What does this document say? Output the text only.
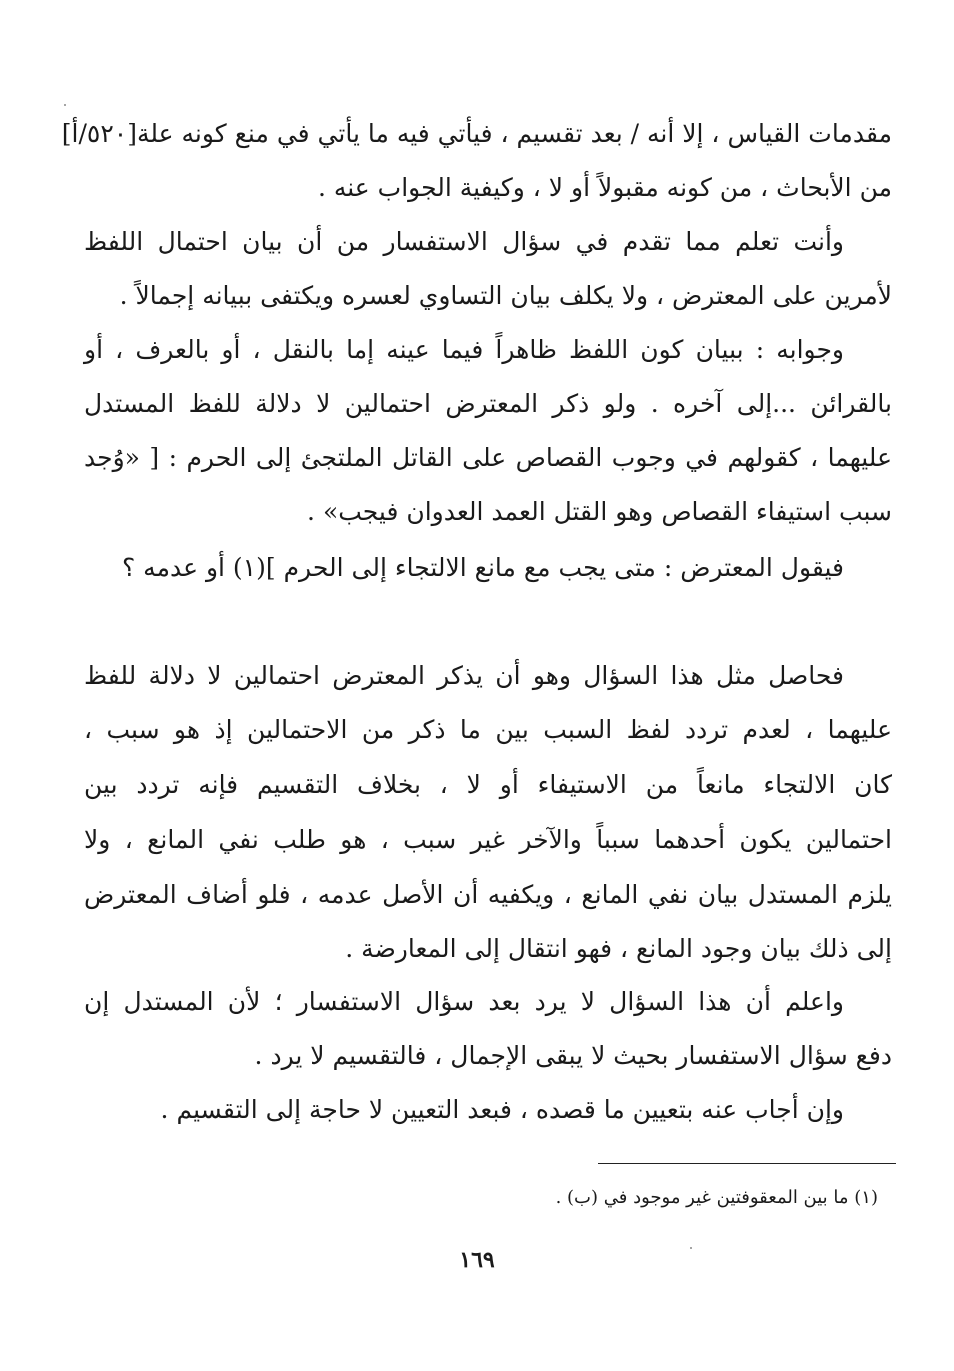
مقدمات القياس ، إلا أنه / بعد تقسيم ، فيأتي فيه ما يأتي في منع كونه علة[٥٢٠/أ]
من الأبحاث ، من كونه مقبولاً أو لا ، وكيفية الجواب عنه .
وأنت تعلم مما تقدم في سؤال الاستفسار من أن بيان احتمال اللفظ
لأمرين على المعترض ، ولا يكلف بيان التساوي لعسره ويكتفى ببيانه إجمالاً .
وجوابه : ببيان كون اللفظ ظاهراً فيما عينه إما بالنقل ، أو بالعرف ، أو
بالقرائن ...إلى آخره . ولو ذكر المعترض احتمالين لا دلالة للفظ المستدل
عليهما ، كقولهم في وجوب القصاص على القاتل الملتجئ إلى الحرم : [ «وُجد
سبب استيفاء القصاص وهو القتل العمد العدوان فيجب» .
فيقول المعترض : متى يجب مع مانع الالتجاء إلى الحرم ](١) أو عدمه ؟
فحاصل مثل هذا السؤال وهو أن يذكر المعترض احتمالين لا دلالة للفظ
عليهما ، لعدم تردد لفظ السبب بين ما ذكر من الاحتمالين إذ هو سبب ،
كان الالتجاء مانعاً من الاستيفاء أو لا ، بخلاف التقسيم فإنه تردد بين
احتمالين يكون أحدهما سبباً والآخر غير سبب ، هو طلب نفي المانع ، ولا
يلزم المستدل بيان نفي المانع ، ويكفيه أن الأصل عدمه ، فلو أضاف المعترض
إلى ذلك بيان وجود المانع ، فهو انتقال إلى المعارضة .
واعلم أن هذا السؤال لا يرد بعد سؤال الاستفسار ؛ لأن المستدل إن
دفع سؤال الاستفسار بحيث لا يبقى الإجمال ، فالتقسيم لا يرد .
وإن أجاب عنه بتعيين ما قصده ، فبعد التعيين لا حاجة إلى التقسيم .
(١) ما بين المعقوفتين غير موجود في (ب) .
١٦٩
